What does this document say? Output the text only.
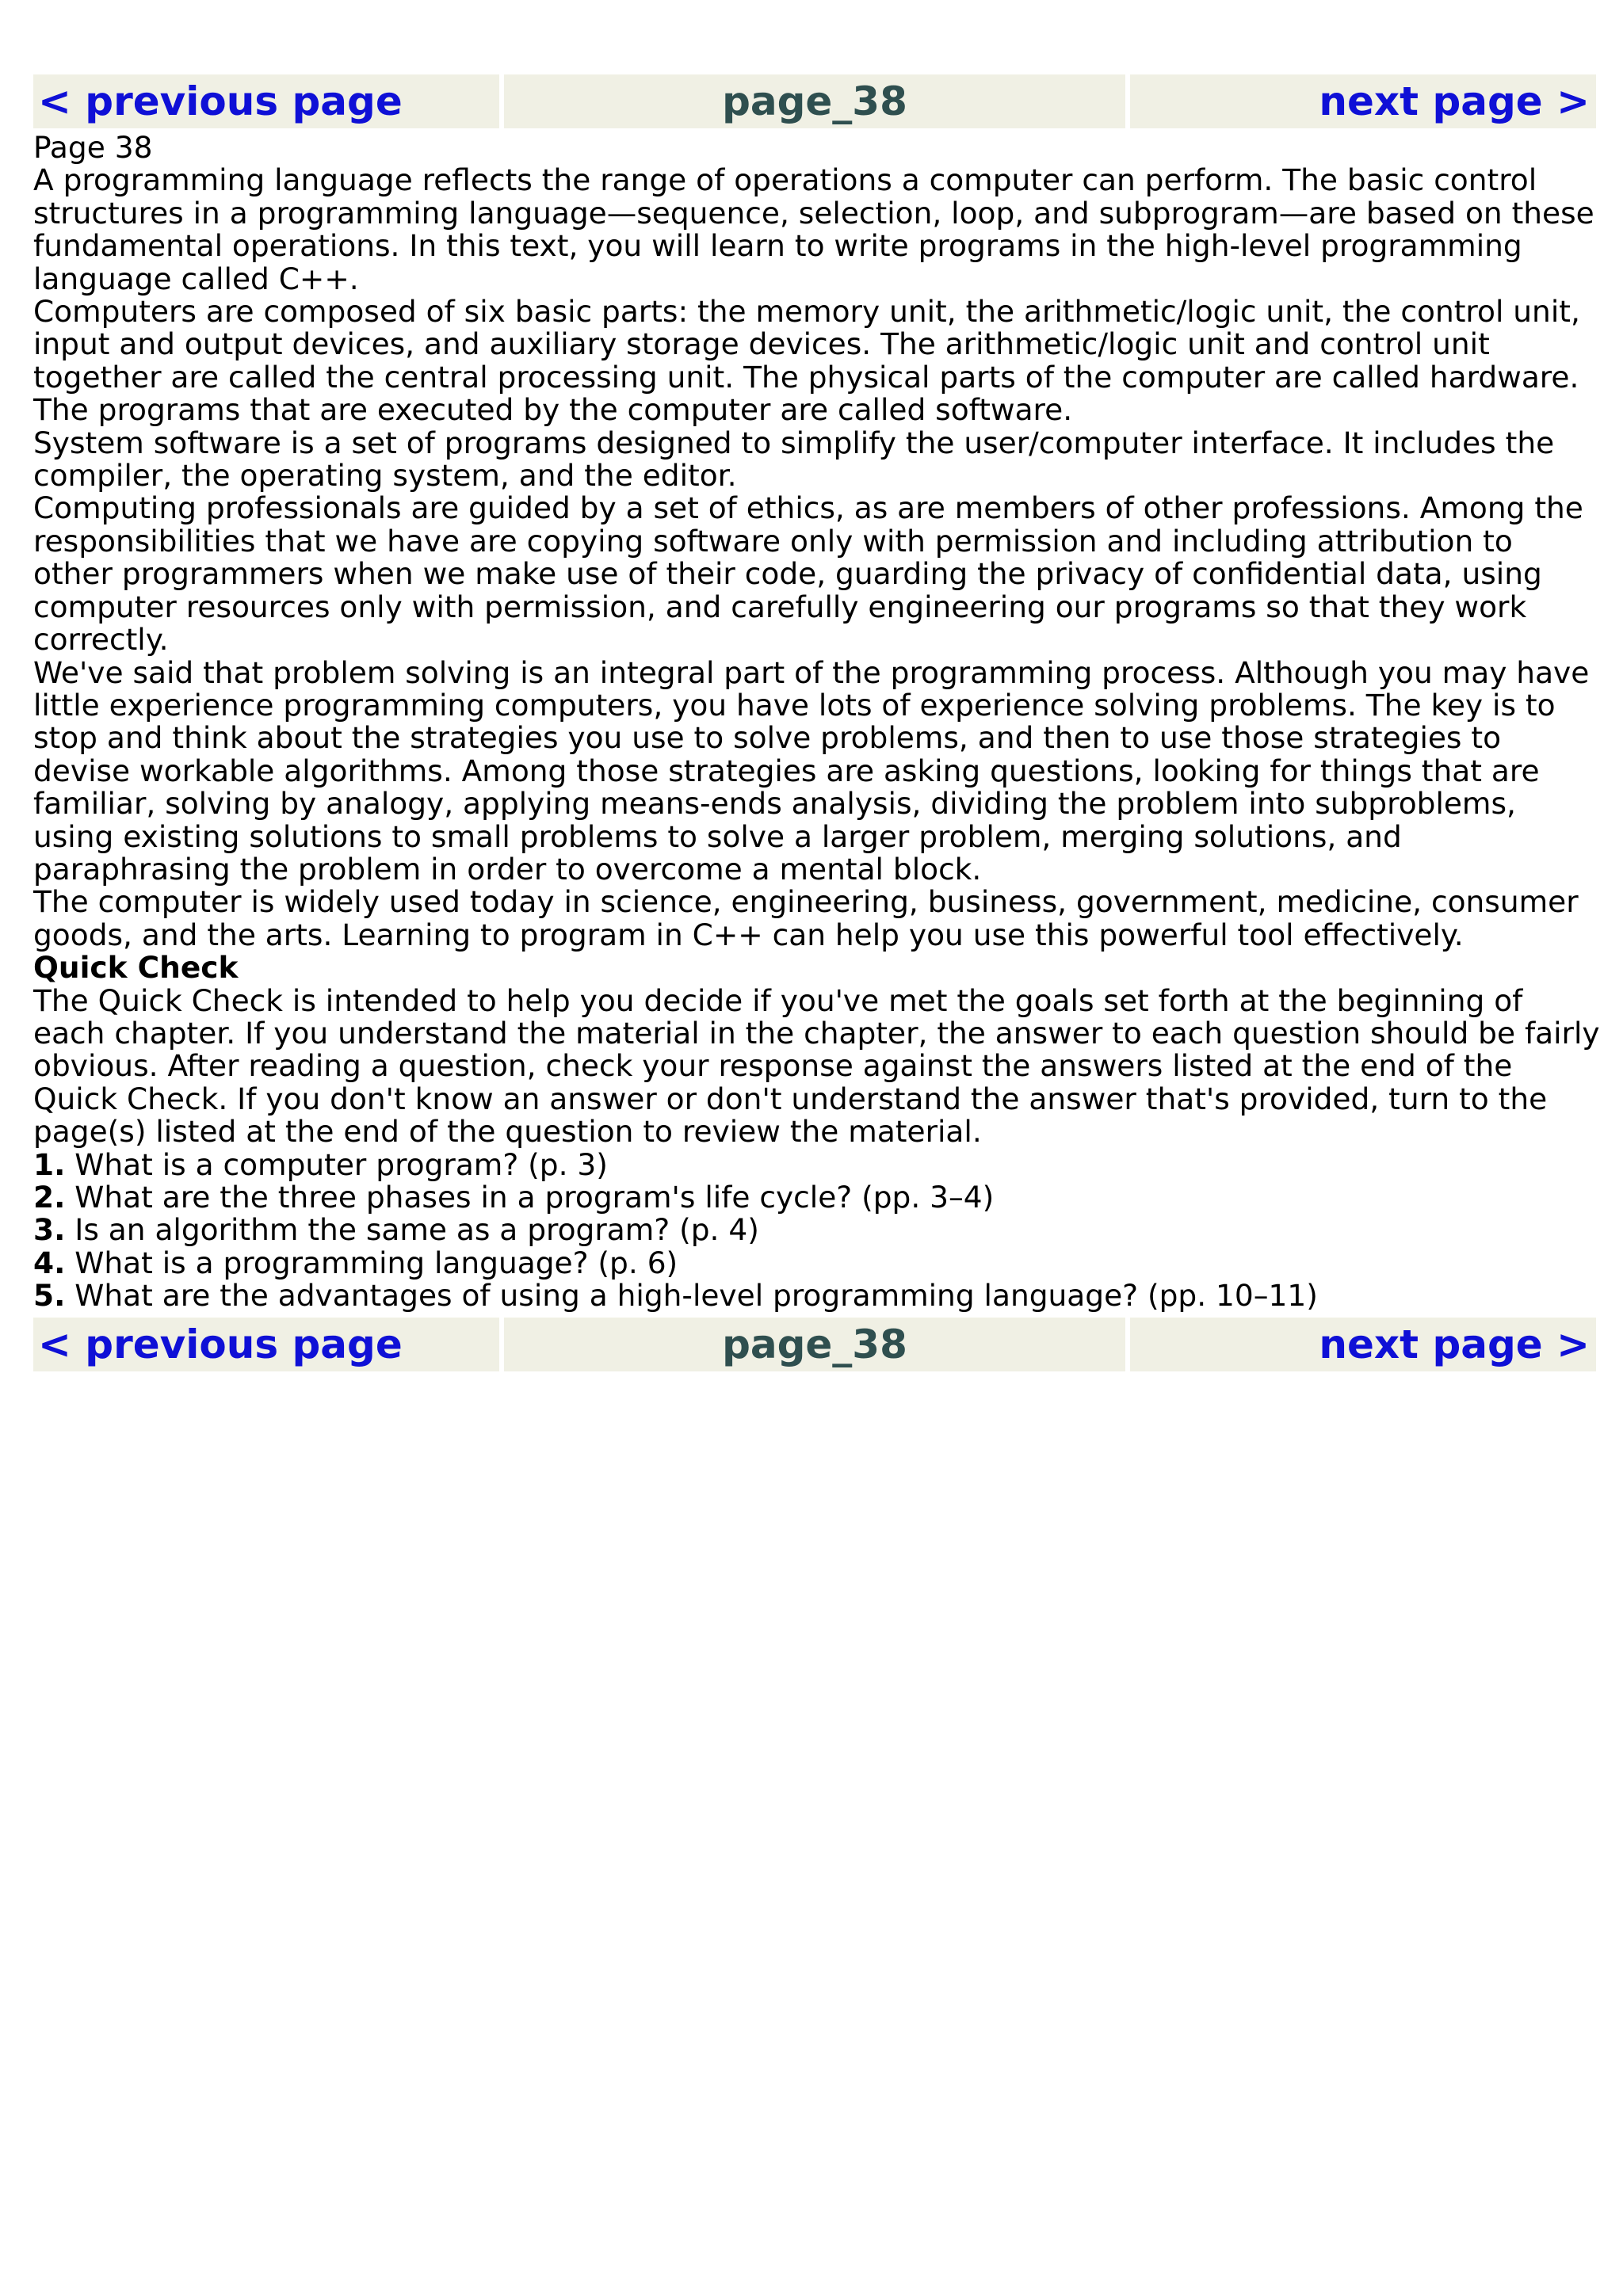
< previous page	page_38	next page >

Page 38

A programming language reflects the range of operations a computer can perform. The basic control structures in a programming language—sequence, selection, loop, and subprogram—are based on these fundamental operations. In this text, you will learn to write programs in the high-level programming language called C++.

Computers are composed of six basic parts: the memory unit, the arithmetic/logic unit, the control unit, input and output devices, and auxiliary storage devices. The arithmetic/logic unit and control unit together are called the central processing unit. The physical parts of the computer are called hardware. The programs that are executed by the computer are called software.

System software is a set of programs designed to simplify the user/computer interface. It includes the compiler, the operating system, and the editor.

Computing professionals are guided by a set of ethics, as are members of other professions. Among the responsibilities that we have are copying software only with permission and including attribution to other programmers when we make use of their code, guarding the privacy of confidential data, using computer resources only with permission, and carefully engineering our programs so that they work correctly.

We've said that problem solving is an integral part of the programming process. Although you may have little experience programming computers, you have lots of experience solving problems. The key is to stop and think about the strategies you use to solve problems, and then to use those strategies to devise workable algorithms. Among those strategies are asking questions, looking for things that are familiar, solving by analogy, applying means-ends analysis, dividing the problem into subproblems, using existing solutions to small problems to solve a larger problem, merging solutions, and paraphrasing the problem in order to overcome a mental block.

The computer is widely used today in science, engineering, business, government, medicine, consumer goods, and the arts. Learning to program in C++ can help you use this powerful tool effectively.

Quick Check

The Quick Check is intended to help you decide if you've met the goals set forth at the beginning of each chapter. If you understand the material in the chapter, the answer to each question should be fairly obvious. After reading a question, check your response against the answers listed at the end of the Quick Check. If you don't know an answer or don't understand the answer that's provided, turn to the page(s) listed at the end of the question to review the material.

1. What is a computer program? (p. 3)
2. What are the three phases in a program's life cycle? (pp. 3–4)
3. Is an algorithm the same as a program? (p. 4)
4. What is a programming language? (p. 6)
5. What are the advantages of using a high-level programming language? (pp. 10–11)
< previous page	page_38	next page >
